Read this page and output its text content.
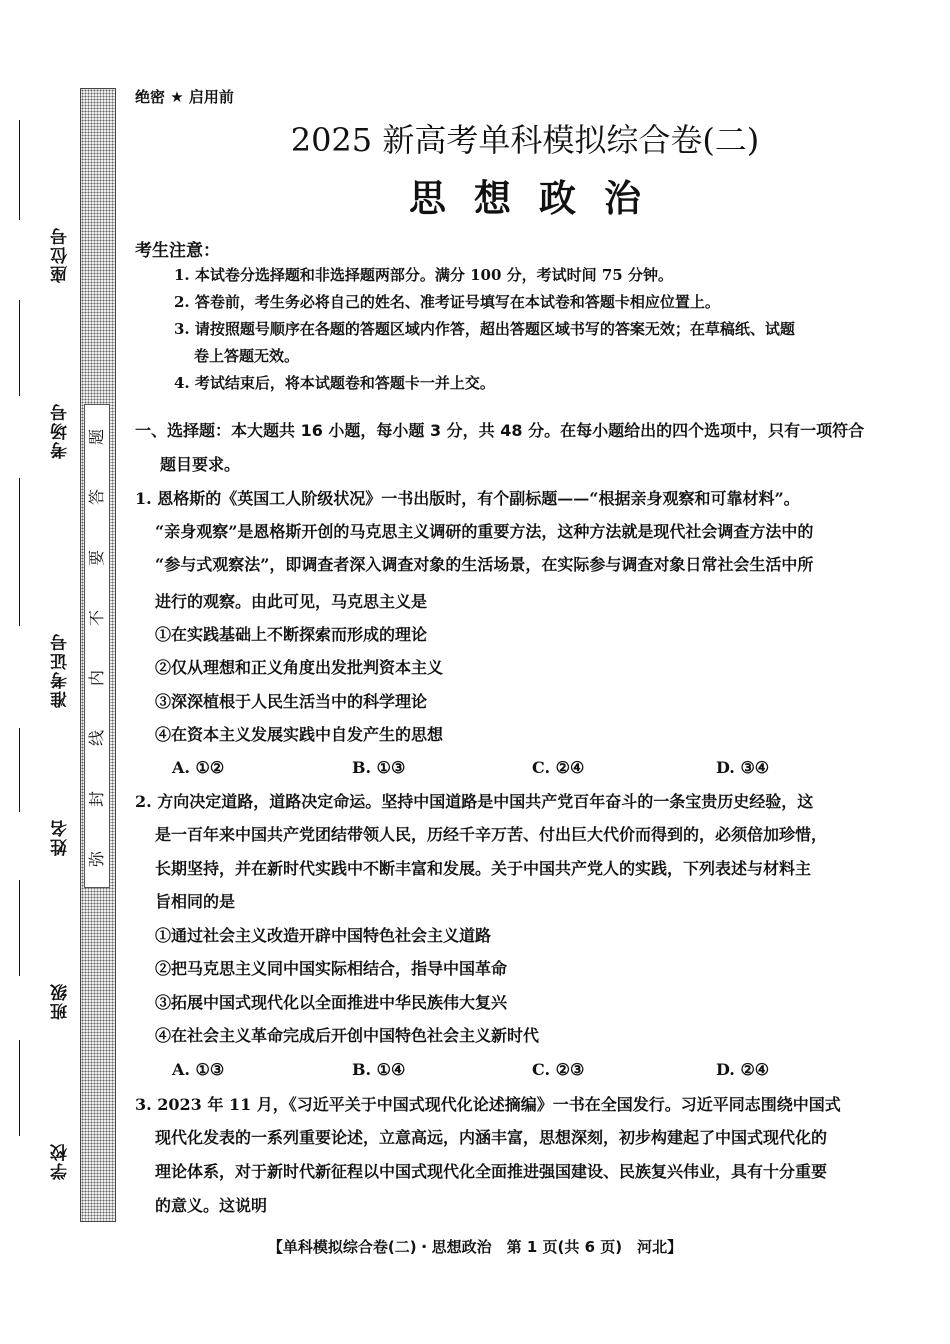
座位号
考场号
准考证号
姓名
班级
学校
题
答
要
不
内
线
封
弥
绝密 ★ 启用前
2025 新高考单科模拟综合卷(二)
思想政治
考生注意：
1. 本试卷分选择题和非选择题两部分。满分 100 分，考试时间 75 分钟。
2. 答卷前，考生务必将自己的姓名、准考证号填写在本试卷和答题卡相应位置上。
3. 请按照题号顺序在各题的答题区域内作答，超出答题区域书写的答案无效；在草稿纸、试题
卷上答题无效。
4. 考试结束后，将本试题卷和答题卡一并上交。
一、选择题：本大题共 16 小题，每小题 3 分，共 48 分。在每小题给出的四个选项中，只有一项符合
题目要求。
1. 恩格斯的《英国工人阶级状况》一书出版时，有个副标题——“根据亲身观察和可靠材料”。
“亲身观察”是恩格斯开创的马克思主义调研的重要方法，这种方法就是现代社会调查方法中的
“参与式观察法”，即调查者深入调查对象的生活场景，在实际参与调查对象日常社会生活中所
进行的观察。由此可见，马克思主义是
①在实践基础上不断探索而形成的理论
②仅从理想和正义角度出发批判资本主义
③深深植根于人民生活当中的科学理论
④在资本主义发展实践中自发产生的思想
A. ①②	B. ①③	C. ②④	D. ③④
2. 方向决定道路，道路决定命运。坚持中国道路是中国共产党百年奋斗的一条宝贵历史经验，这
是一百年来中国共产党团结带领人民，历经千辛万苦、付出巨大代价而得到的，必须倍加珍惜，
长期坚持，并在新时代实践中不断丰富和发展。关于中国共产党人的实践，下列表述与材料主
旨相同的是
①通过社会主义改造开辟中国特色社会主义道路
②把马克思主义同中国实际相结合，指导中国革命
③拓展中国式现代化以全面推进中华民族伟大复兴
④在社会主义革命完成后开创中国特色社会主义新时代
A. ①③	B. ①④	C. ②③	D. ②④
3. 2023 年 11 月，《习近平关于中国式现代化论述摘编》一书在全国发行。习近平同志围绕中国式
现代化发表的一系列重要论述，立意高远，内涵丰富，思想深刻，初步构建起了中国式现代化的
理论体系，对于新时代新征程以中国式现代化全面推进强国建设、民族复兴伟业，具有十分重要
的意义。这说明
【单科模拟综合卷(二)・思想政治　第 1 页(共 6 页)　河北】
